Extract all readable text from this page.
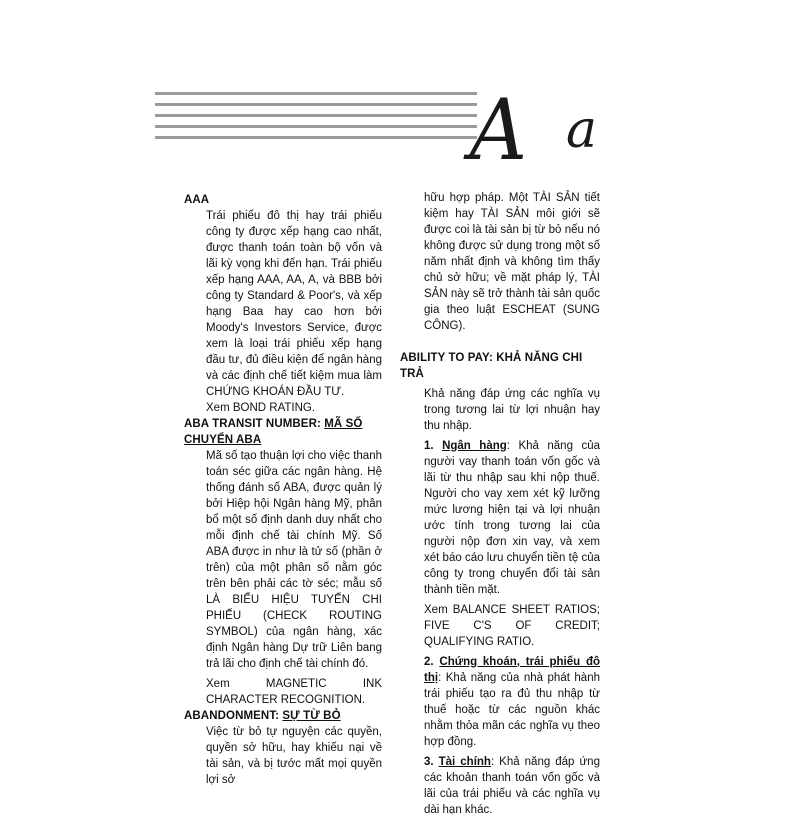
A a

AAA

Trái phiếu đô thị hay trái phiếu công ty được xếp hạng cao nhất, được thanh toán toàn bộ vốn và lãi kỳ vọng khi đến hạn. Trái phiếu xếp hạng AAA, AA, A, và BBB bởi công ty Standard & Poor's, và xếp hạng Baa hay cao hơn bởi Moody's Investors Service, được xem là loại trái phiếu xếp hạng đầu tư, đủ điều kiện để ngân hàng và các định chế tiết kiệm mua làm CHỨNG KHOÁN ĐẦU TƯ.

Xem BOND RATING.

ABA TRANSIT NUMBER: MÃ SỐ CHUYỂN ABA

Mã số tạo thuận lợi cho việc thanh toán séc giữa các ngân hàng. Hệ thống đánh số ABA, được quản lý bởi Hiệp hội Ngân hàng Mỹ, phân bổ một số định danh duy nhất cho mỗi định chế tài chính Mỹ. Số ABA được in như là tử số (phần ở trên) của một phân số nằm góc trên bên phải các tờ séc; mẫu số LÀ BIỂU HIỆU TUYẾN CHI PHIẾU (CHECK ROUTING SYMBOL) của ngân hàng, xác định Ngân hàng Dự trữ Liên bang trả lãi cho định chế tài chính đó.

Xem MAGNETIC INK CHARACTER RECOGNITION.

ABANDONMENT: SỰ TỪ BỎ

Việc từ bỏ tự nguyện các quyền, quyền sở hữu, hay khiếu nại về tài sản, và bị tước mất mọi quyền lợi sở

hữu hợp pháp. Một TÀI SẢN tiết kiệm hay TÀI SẢN môi giới sẽ được coi là tài sản bị từ bỏ nếu nó không được sử dụng trong một số năm nhất định và không tìm thấy chủ sở hữu; về mặt pháp lý, TÀI SẢN này sẽ trở thành tài sản quốc gia theo luật ESCHEAT (SUNG CÔNG).

ABILITY TO PAY: KHẢ NĂNG CHI TRẢ

Khả năng đáp ứng các nghĩa vụ trong tương lai từ lợi nhuận hay thu nhập.

1. Ngân hàng: Khả năng của người vay thanh toán vốn gốc và lãi từ thu nhập sau khi nộp thuế. Người cho vay xem xét kỹ lưỡng mức lương hiện tại và lợi nhuận ước tính trong tương lai của người nộp đơn xin vay, và xem xét báo cáo lưu chuyển tiền tệ của công ty trong chuyển đổi tài sản thành tiền mặt.

Xem BALANCE SHEET RATIOS; FIVE C'S OF CREDIT; QUALIFYING RATIO.

2. Chứng khoán, trái phiếu đô thị: Khả năng của nhà phát hành trái phiếu tạo ra đủ thu nhập từ thuế hoặc từ các nguồn khác nhằm thỏa mãn các nghĩa vụ theo hợp đồng.

3. Tài chính: Khả năng đáp ứng các khoản thanh toán vốn gốc và lãi của trái phiếu và các nghĩa vụ dài hạn khác.
